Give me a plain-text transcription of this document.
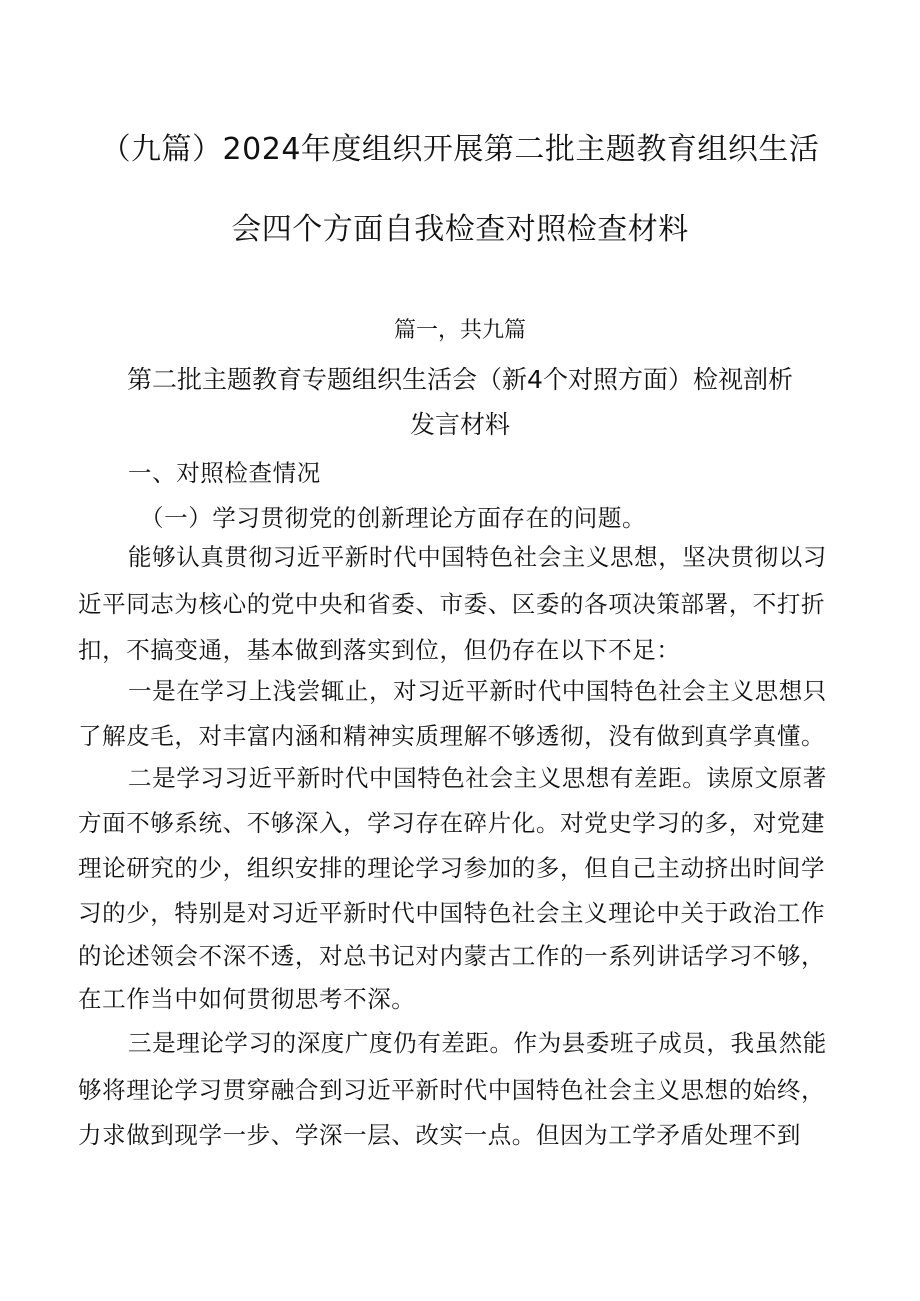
（九篇）2024年度组织开展第二批主题教育组织生活
会四个方面自我检查对照检查材料
篇一，共九篇
第二批主题教育专题组织生活会（新4个对照方面）检视剖析
发言材料
一、对照检查情况
（一）学习贯彻党的创新理论方面存在的问题。
能够认真贯彻习近平新时代中国特色社会主义思想，坚决贯彻以习
近平同志为核心的党中央和省委、市委、区委的各项决策部署，不打折
扣，不搞变通，基本做到落实到位，但仍存在以下不足：
一是在学习上浅尝辄止，对习近平新时代中国特色社会主义思想只
了解皮毛，对丰富内涵和精神实质理解不够透彻，没有做到真学真懂。
二是学习习近平新时代中国特色社会主义思想有差距。读原文原著
方面不够系统、不够深入，学习存在碎片化。对党史学习的多，对党建
理论研究的少，组织安排的理论学习参加的多，但自己主动挤出时间学
习的少，特别是对习近平新时代中国特色社会主义理论中关于政治工作
的论述领会不深不透，对总书记对内蒙古工作的一系列讲话学习不够，
在工作当中如何贯彻思考不深。
三是理论学习的深度广度仍有差距。作为县委班子成员，我虽然能
够将理论学习贯穿融合到习近平新时代中国特色社会主义思想的始终，
力求做到现学一步、学深一层、改实一点。但因为工学矛盾处理不到
